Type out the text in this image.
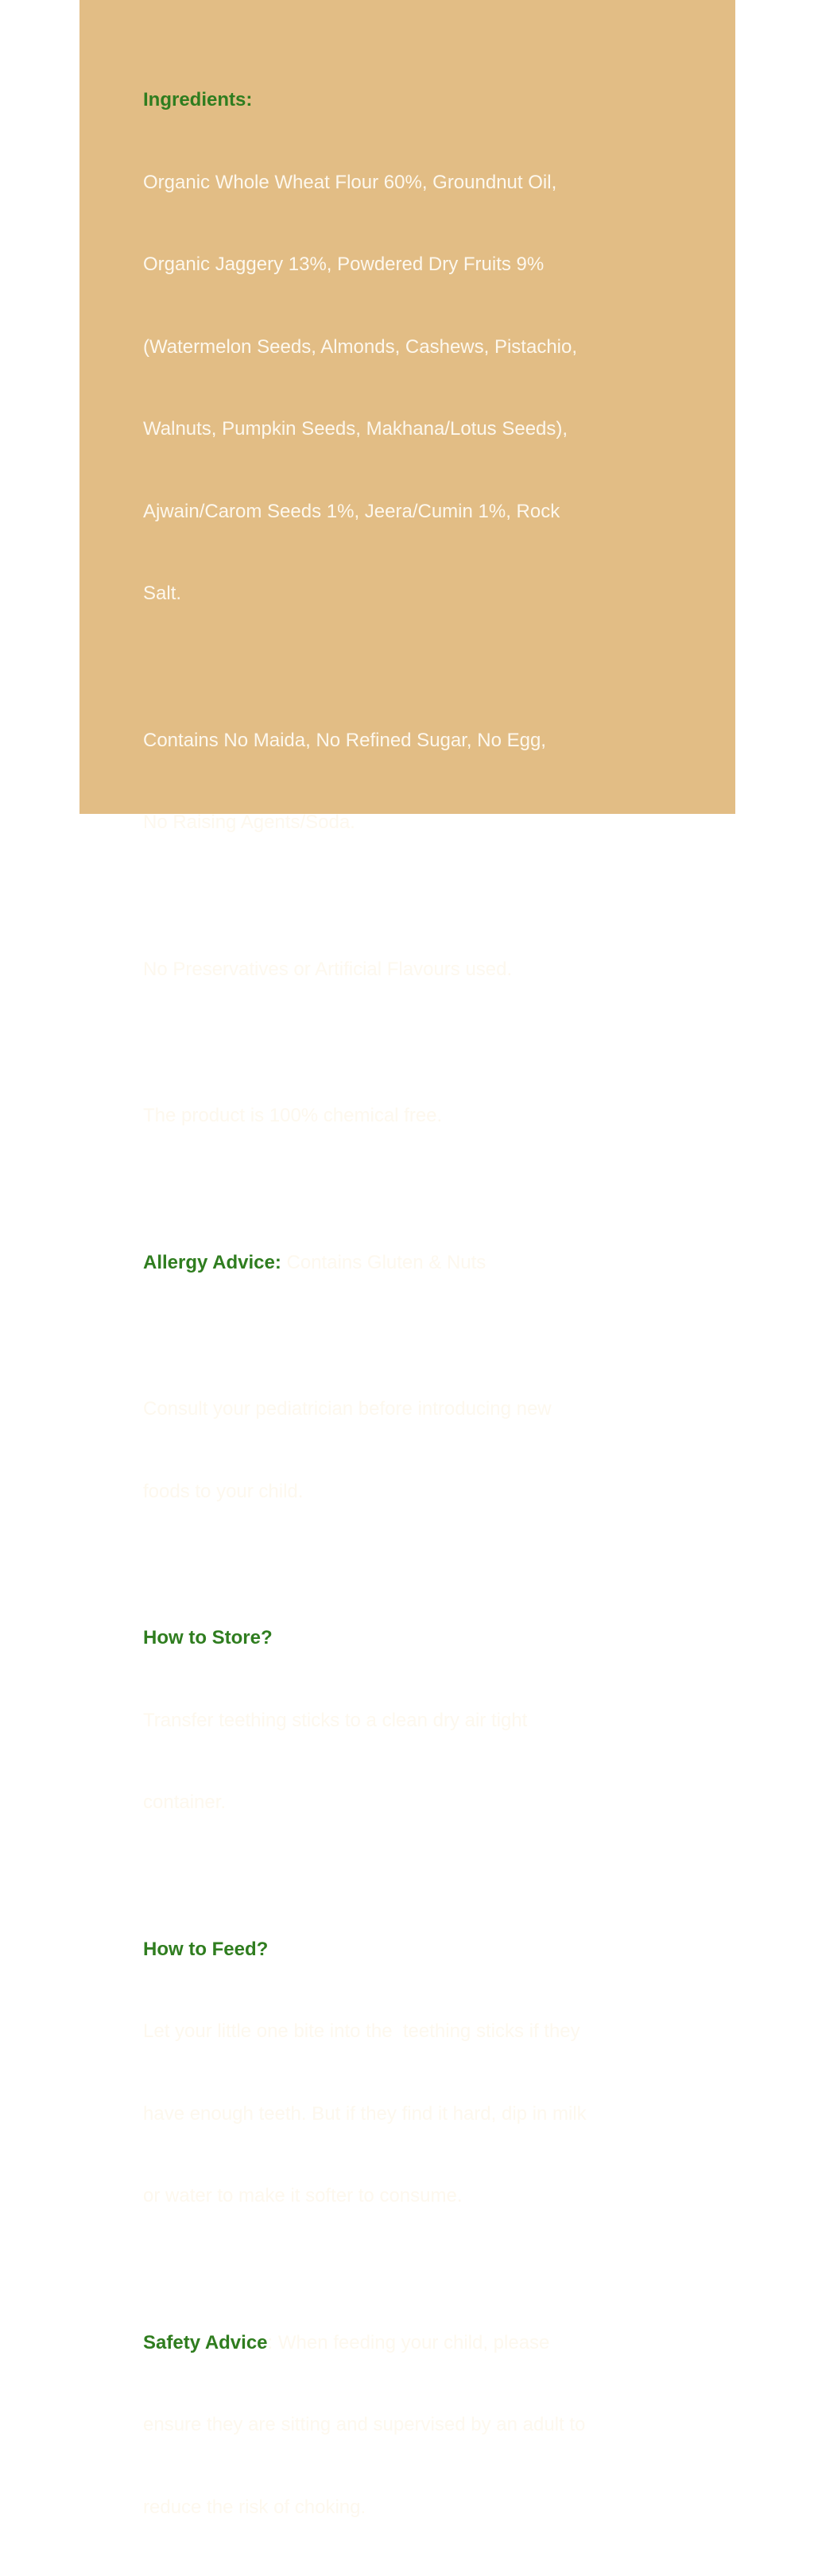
Ingredients:

Organic Whole Wheat Flour 60%, Groundnut Oil,

Organic Jaggery 13%, Powdered Dry Fruits 9%

(Watermelon Seeds, Almonds, Cashews, Pistachio,

Walnuts, Pumpkin Seeds, Makhana/Lotus Seeds),

Ajwain/Carom Seeds 1%, Jeera/Cumin 1%, Rock

Salt.

Contains No Maida, No Refined Sugar, No Egg,

No Raising Agents/Soda.

No Preservatives or Artificial Flavours used.

The product is 100% chemical free.

Allergy Advice: Contains Gluten & Nuts

Consult your pediatrician before introducing new

foods to your child.

How to Store?

Transfer teething sticks to a clean dry air tight

container.

How to Feed?

Let your little one bite into the  teething sticks if they

have enough teeth. But if they find it hard, dip in milk

or water to make it softer to consume.

Safety Advice: When feeding your child, please

ensure they are sitting and supervised by an adult to

reduce the risk of choking.
